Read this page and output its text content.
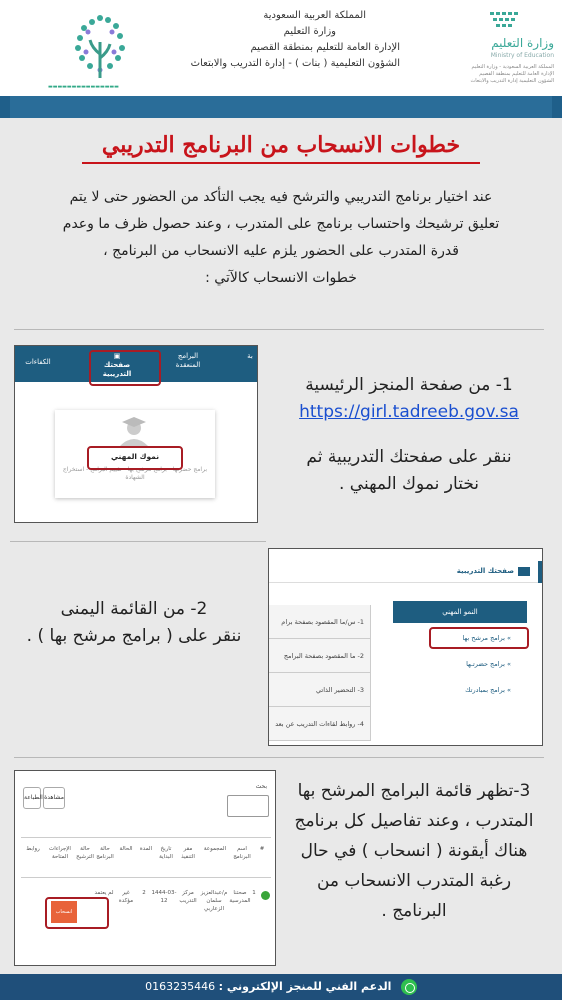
▬▬▬▬▬▬▬▬▬▬▬▬▬▬▬
المملكة العربية السعودية
وزارة التعليم
الإدارة العامة للتعليم بمنطقة القصيم
الشؤون التعليمية ( بنات ) - إدارة التدريب والابتعاث
وزارة التعليم
Ministry of Education
المملكة العربية السعودية - وزارة التعليم
الإدارة العامة للتعليم بمنطقة القصيم
الشؤون التعليمية إدارة التدريب والابتعاث
خطوات الانسحاب من البرنامج التدريبي
عند اختيار برنامج التدريبي والترشح فيه يجب التأكد من الحضور حتى لا يتم
تعليق ترشيحك واحتساب برنامج على المتدرب ، وعند حصول ظرف ما وعدم
قدرة المتدرب على الحضور يلزم عليه الانسحاب من البرنامج ،
خطوات الانسحاب كالآتي :
الكفاءات
البرامج المنعقدة
▣
صفحتك التدريبية
بة
نموك المهني
برامج حضرتها - برامج مرشح بها - تقييم البرامج - استخراج الشهادة
1- من صفحة المنجز الرئيسية
https://girl.tadreeb.gov.sa
ننقر على صفحتك التدريبية ثم
نختار نموك المهني .
صفحتك التدريبية
النمو المهني
» برامج مرشح بها
» برامج حضرتـها
» برامج بمبادرتك
1- س/ما المقصود بصفحة برام
2- ما المقصود بصفحة البرامج
3- التحضير الذاتي
4- روابط لقاءات التدريب عن بعد
2- من القائمة اليمنى
ننقر على ( برامج مرشح بها ) .
الطباعة مشاهدة
بحث
#
اسم البرنامج
المجموعة
مقر التنفيذ
تاريخ البداية
المدة
الحالة
حالة البرنامج
حالة الترشيح
الإجراءات المتاحة
روابط
1
صحتنا المدرسية
م/عبدالعزيز سلمان الزعاربي
مركز التدريب
1444-03-12
2
غير مؤكدة
لم يعتمد
انسحاب
3-تظهر قائمة البرامج المرشح بها
المتدرب ، وعند تفاصيل كل برنامج
هناك أيقونة ( انسحاب ) في حال
رغبة المتدرب الانسحاب من
البرنامج .
الدعم الفني للمنجز الإلكتروني : 0163235446
